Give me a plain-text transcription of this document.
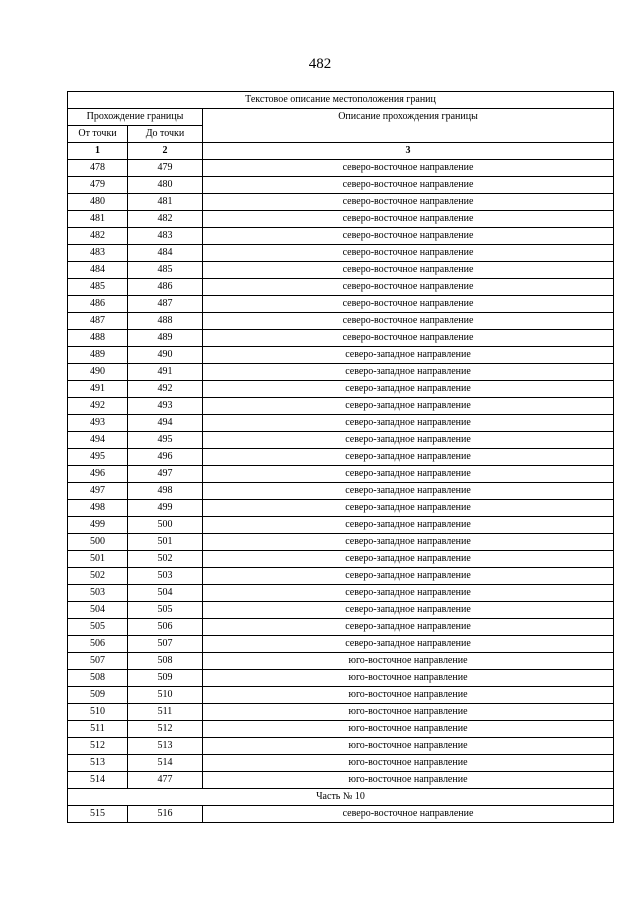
482
Текстовое описание местоположения границ		
Прохождение границы		Описание прохождения границы
От точки	До точки	
1	2	3
478	479	северо-восточное направление
479	480	северо-восточное направление
480	481	северо-восточное направление
481	482	северо-восточное направление
482	483	северо-восточное направление
483	484	северо-восточное направление
484	485	северо-восточное направление
485	486	северо-восточное направление
486	487	северо-восточное направление
487	488	северо-восточное направление
488	489	северо-восточное направление
489	490	северо-западное направление
490	491	северо-западное направление
491	492	северо-западное направление
492	493	северо-западное направление
493	494	северо-западное направление
494	495	северо-западное направление
495	496	северо-западное направление
496	497	северо-западное направление
497	498	северо-западное направление
498	499	северо-западное направление
499	500	северо-западное направление
500	501	северо-западное направление
501	502	северо-западное направление
502	503	северо-западное направление
503	504	северо-западное направление
504	505	северо-западное направление
505	506	северо-западное направление
506	507	северо-западное направление
507	508	юго-восточное направление
508	509	юго-восточное направление
509	510	юго-восточное направление
510	511	юго-восточное направление
511	512	юго-восточное направление
512	513	юго-восточное направление
513	514	юго-восточное направление
514	477	юго-восточное направление
Часть № 10		
515	516	северо-восточное направление
